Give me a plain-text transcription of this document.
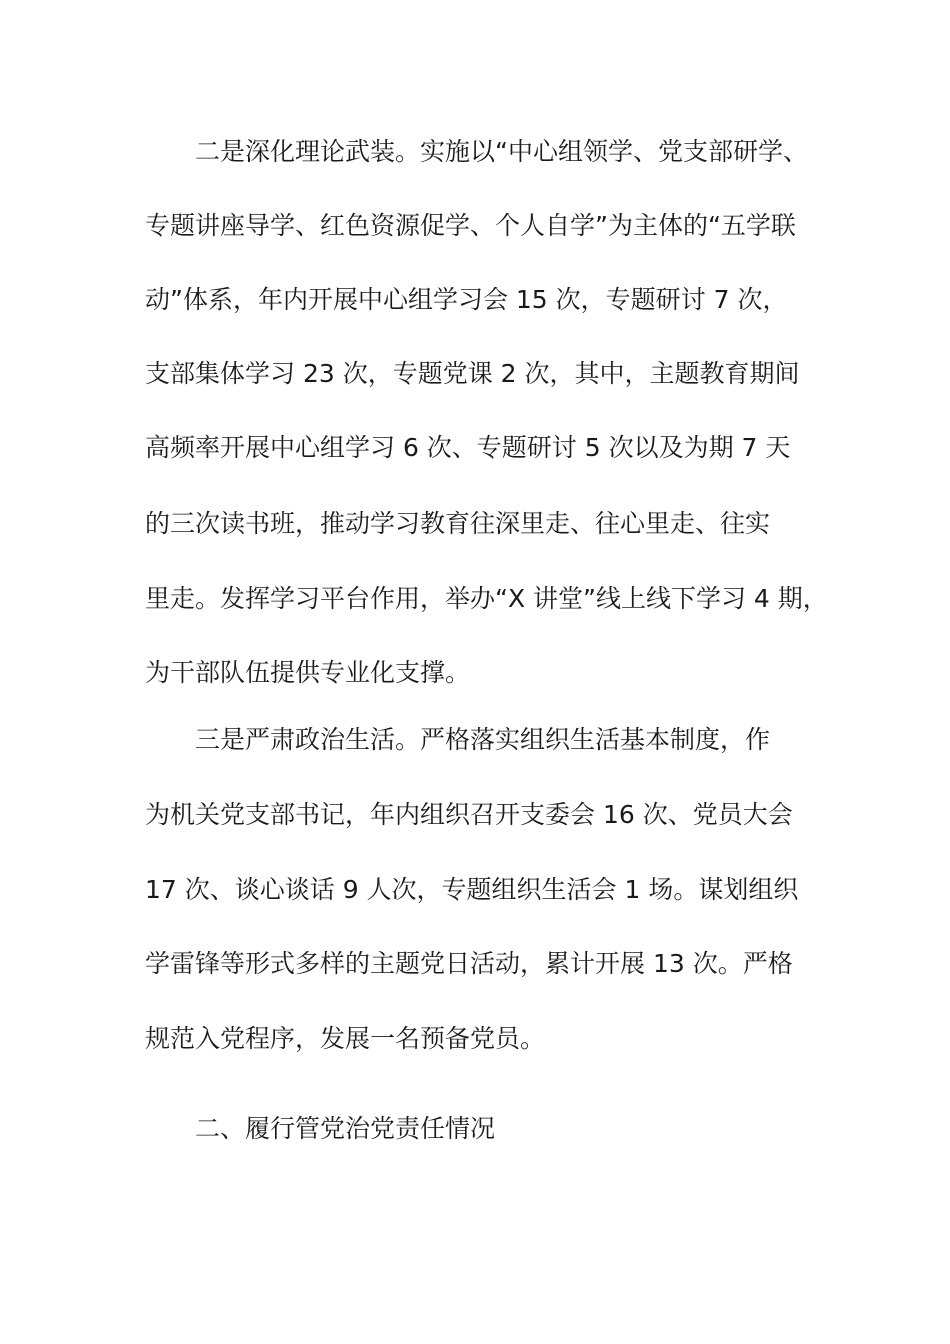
二是深化理论武装。实施以“中心组领学、党支部研学、
专题讲座导学、红色资源促学、个人自学”为主体的“五学联
动”体系，年内开展中心组学习会 15 次，专题研讨 7 次，
支部集体学习 23 次，专题党课 2 次，其中，主题教育期间
高频率开展中心组学习 6 次、专题研讨 5 次以及为期 7 天
的三次读书班，推动学习教育往深里走、往心里走、往实
里走。发挥学习平台作用，举办“X 讲堂”线上线下学习 4 期，
为干部队伍提供专业化支撑。
三是严肃政治生活。严格落实组织生活基本制度，作
为机关党支部书记，年内组织召开支委会 16 次、党员大会
17 次、谈心谈话 9 人次，专题组织生活会 1 场。谋划组织
学雷锋等形式多样的主题党日活动，累计开展 13 次。严格
规范入党程序，发展一名预备党员。
二、履行管党治党责任情况
